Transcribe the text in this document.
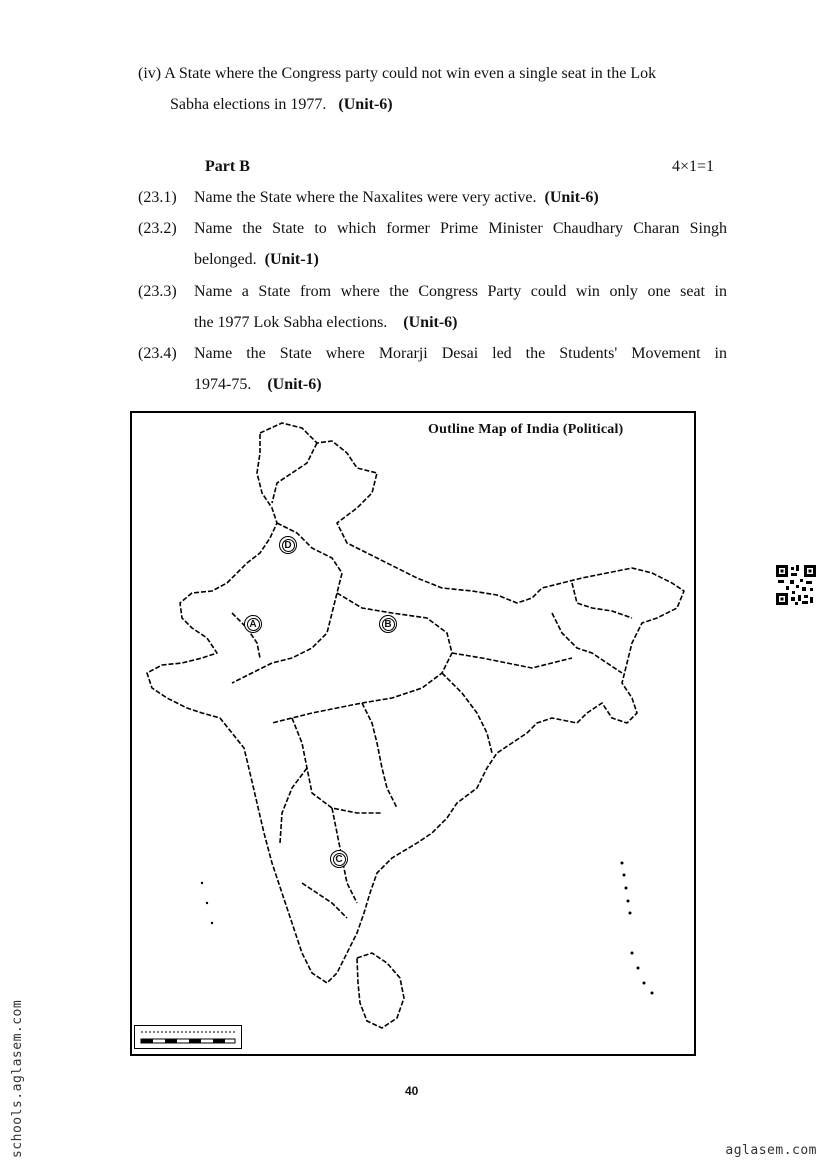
(iv) A State where the Congress party could not win even a single seat in the Lok
Sabha elections in 1977. (Unit-6)
Part B	4×1=1
(23.1) Name the State where the Naxalites were very active. (Unit-6)
(23.2) Name the State to which former Prime Minister Chaudhary Charan Singh
belonged. (Unit-1)
(23.3) Name a State from where the Congress Party could win only one seat in
the 1977 Lok Sabha elections. (Unit-6)
(23.4) Name the State where Morarji Desai led the Students' Movement in
1974-75. (Unit-6)
Outline Map of India (Political)
A	B
C
D
40
schools.aglasem.com	aglasem.com
